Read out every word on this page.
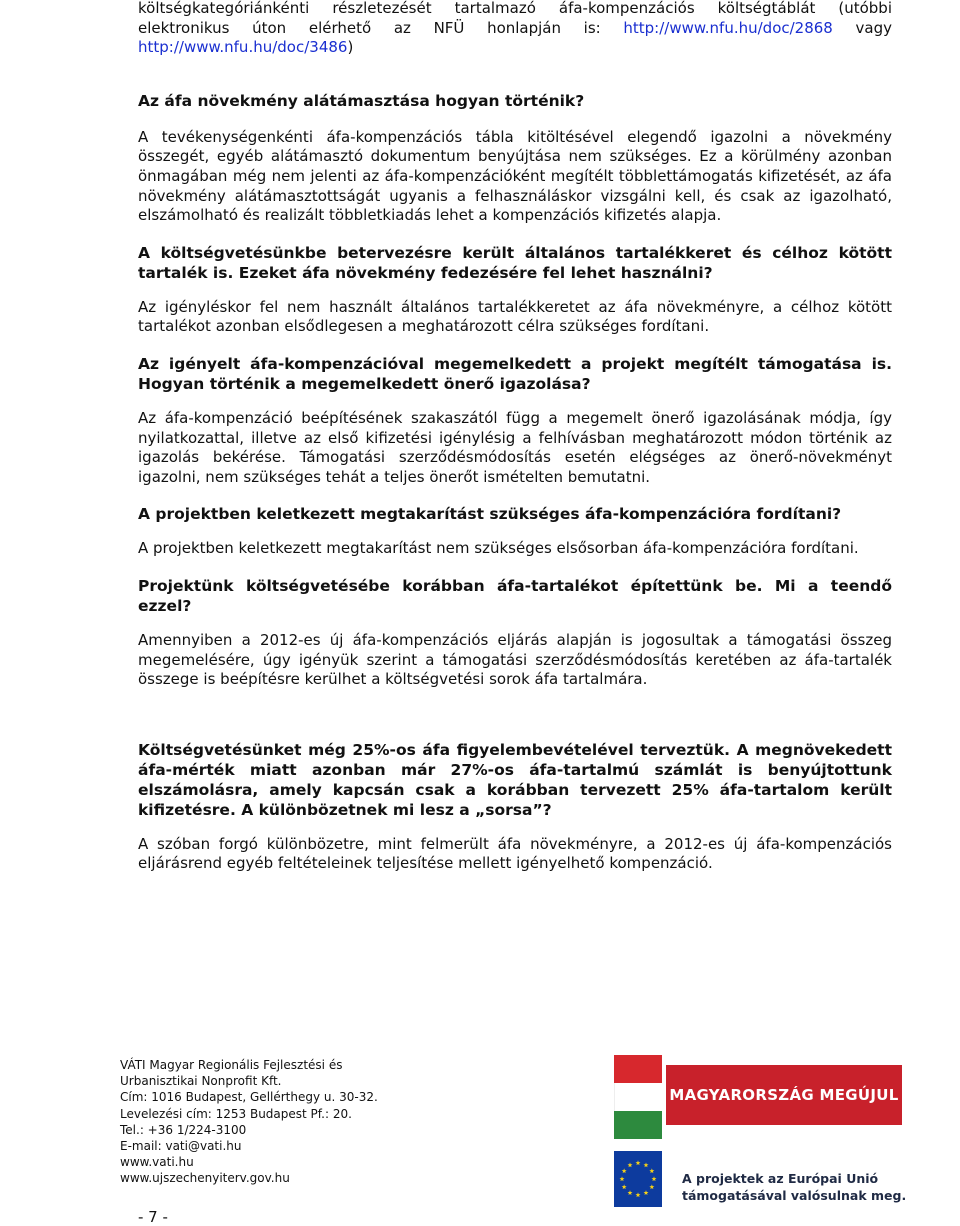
költségkategóriánkénti részletezését tartalmazó áfa-kompenzációs költségtáblát (utóbbi elektronikus úton elérhető az NFÜ honlapján is: http://www.nfu.hu/doc/2868 vagy http://www.nfu.hu/doc/3486)

Az áfa növekmény alátámasztása hogyan történik?

A tevékenységenkénti áfa-kompenzációs tábla kitöltésével elegendő igazolni a növekmény összegét, egyéb alátámasztó dokumentum benyújtása nem szükséges. Ez a körülmény azonban önmagában még nem jelenti az áfa-kompenzációként megítélt többlettámogatás kifizetését, az áfa növekmény alátámasztottságát ugyanis a felhasználáskor vizsgálni kell, és csak az igazolható, elszámolható és realizált többletkiadás lehet a kompenzációs kifizetés alapja.

A költségvetésünkbe betervezésre került általános tartalékkeret és célhoz kötött tartalék is. Ezeket áfa növekmény fedezésére fel lehet használni?

Az igényléskor fel nem használt általános tartalékkeretet az áfa növekményre, a célhoz kötött tartalékot azonban elsődlegesen a meghatározott célra szükséges fordítani.

Az igényelt áfa-kompenzációval megemelkedett a projekt megítélt támogatása is. Hogyan történik a megemelkedett önerő igazolása?

Az áfa-kompenzáció beépítésének szakaszától függ a megemelt önerő igazolásának módja, így nyilatkozattal, illetve az első kifizetési igénylésig a felhívásban meghatározott módon történik az igazolás bekérése. Támogatási szerződésmódosítás esetén elégséges az önerő-növekményt igazolni, nem szükséges tehát a teljes önerőt ismételten bemutatni.

A projektben keletkezett megtakarítást szükséges áfa-kompenzációra fordítani?

A projektben keletkezett megtakarítást nem szükséges elsősorban áfa-kompenzációra fordítani.

Projektünk költségvetésébe korábban áfa-tartalékot építettünk be. Mi a teendő ezzel?

Amennyiben a 2012-es új áfa-kompenzációs eljárás alapján is jogosultak a támogatási összeg megemelésére, úgy igényük szerint a támogatási szerződésmódosítás keretében az áfa-tartalék összege is beépítésre kerülhet a költségvetési sorok áfa tartalmára.

Költségvetésünket még 25%-os áfa figyelembevételével terveztük. A megnövekedett áfa-mérték miatt azonban már 27%-os áfa-tartalmú számlát is benyújtottunk elszámolásra, amely kapcsán csak a korábban tervezett 25% áfa-tartalom került kifizetésre. A különbözetnek mi lesz a „sorsa”?

A szóban forgó különbözetre, mint felmerült áfa növekményre, a 2012-es új áfa-kompenzációs eljárásrend egyéb feltételeinek teljesítése mellett igényelhető kompenzáció.

VÁTI Magyar Regionális Fejlesztési és
Urbanisztikai Nonprofit Kft.
Cím: 1016 Budapest, Gellérthegy u. 30-32.
Levelezési cím: 1253 Budapest Pf.: 20.
Tel.: +36 1/224-3100
E-mail: vati@vati.hu
www.vati.hu
www.ujszechenyiterv.gov.hu
- 7 -
MAGYARORSZÁG MEGÚJUL
A projektek az Európai Unió
támogatásával valósulnak meg.
